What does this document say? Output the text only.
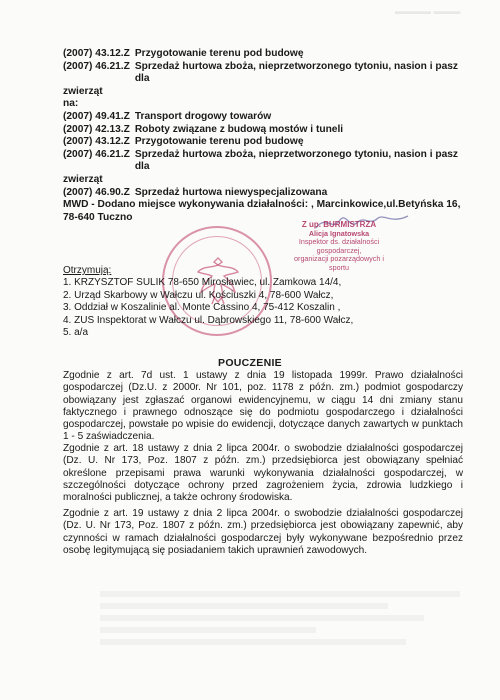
▬▬▬▬ ▬▬▬
(2007) 43.12.Z Przygotowanie terenu pod budowę
(2007) 46.21.Z Sprzedaż hurtowa zboża, nieprzetworzonego tytoniu, nasion i pasz dla
zwierząt
na:
(2007) 49.41.Z Transport drogowy towarów
(2007) 42.13.Z Roboty związane z budową mostów i tuneli
(2007) 43.12.Z Przygotowanie terenu pod budowę
(2007) 46.21.Z Sprzedaż hurtowa zboża, nieprzetworzonego tytoniu, nasion i pasz dla
zwierząt
(2007) 46.90.Z Sprzedaż hurtowa niewyspecjalizowana
MWD - Dodano miejsce wykonywania działalności: , Marcinkowice,ul.Betyńska 16,
78-640 Tuczno
Z up. BURMISTRZA
Alicja Ignatowska
Inspektor ds. działalności gospodarczej,
organizacji pozarządowych i sportu
Otrzymują:
1. KRZYSZTOF SULIK 78-650 Mirosławiec, ul. Zamkowa 14/4,
2. Urząd Skarbowy w Wałczu ul. Kościuszki 4, 78-600 Wałcz,
3. Oddział w Koszalinie al. Monte Cassino 4, 75-412 Koszalin ,
4. ZUS Inspektorat w Wałczu ul. Dąbrowskiego 11, 78-600 Wałcz,
5. a/a
POUCZENIE
Zgodnie z art. 7d ust. 1 ustawy z dnia 19 listopada 1999r. Prawo działalności gospodarczej (Dz.U. z 2000r. Nr 101, poz. 1178 z późn. zm.) podmiot gospodarczy obowiązany jest zgłaszać organowi ewidencyjnemu, w ciągu 14 dni zmiany stanu faktycznego i prawnego odnoszące się do podmiotu gospodarczego i działalności gospodarczej, powstałe po wpisie do ewidencji, dotyczące danych zawartych w punktach 1 - 5 zaświadczenia.
Zgodnie z art. 18 ustawy z dnia 2 lipca 2004r. o swobodzie działalności gospodarczej (Dz. U. Nr 173, Poz. 1807 z późn. zm.) przedsiębiorca jest obowiązany spełniać określone przepisami prawa warunki wykonywania działalności gospodarczej, w szczególności dotyczące ochrony przed zagrożeniem życia, zdrowia ludzkiego i moralności publicznej, a także ochrony środowiska.
Zgodnie z art. 19 ustawy z dnia 2 lipca 2004r. o swobodzie działalności gospodarczej (Dz. U. Nr 173, Poz. 1807 z późn. zm.) przedsiębiorca jest obowiązany zapewnić, aby czynności w ramach działalności gospodarczej były wykonywane bezpośrednio przez osobę legitymującą się posiadaniem takich uprawnień zawodowych.
